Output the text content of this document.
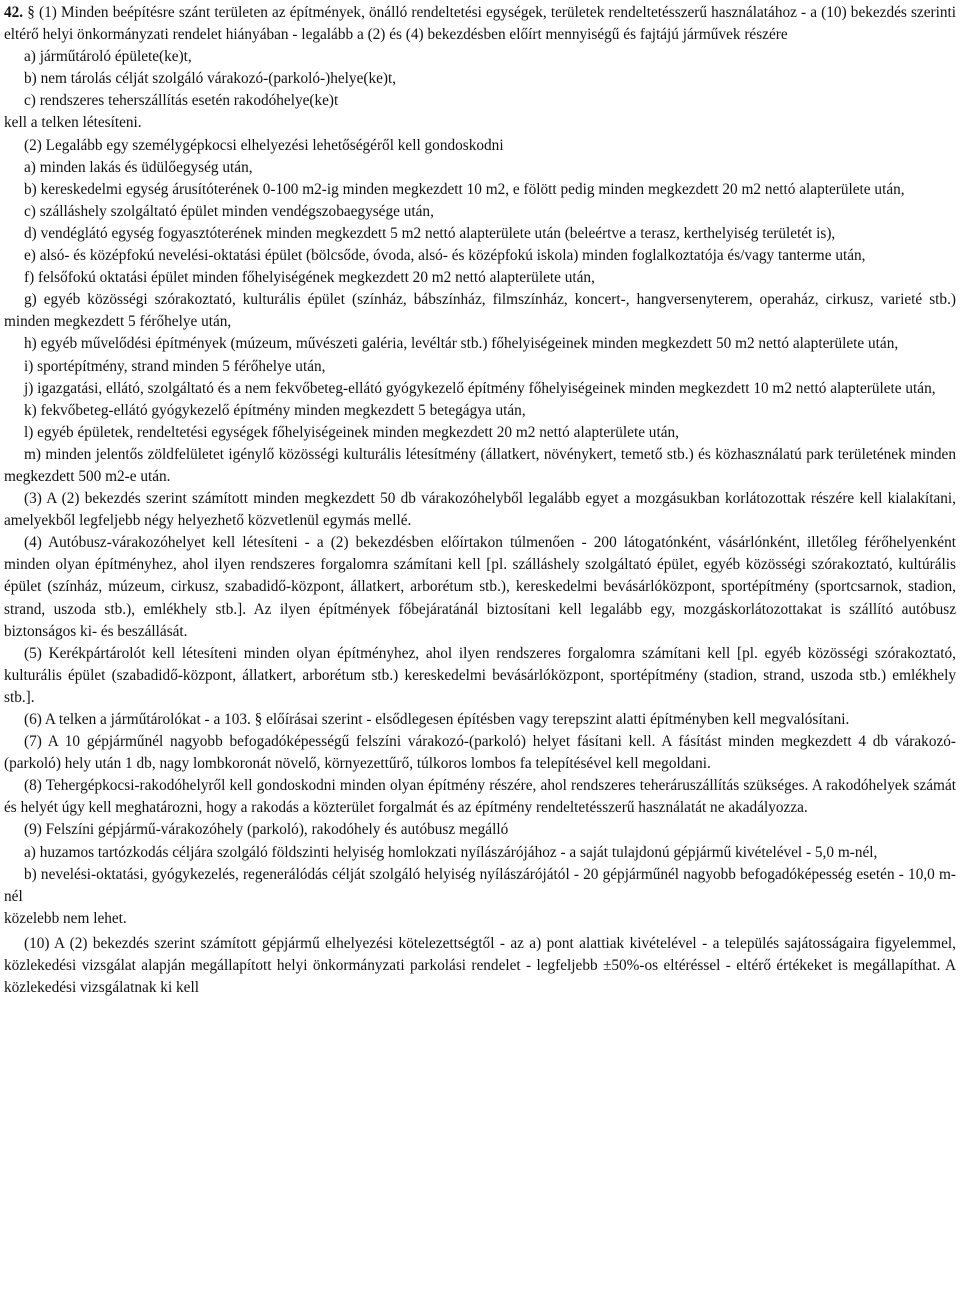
42. § (1) Minden beépítésre szánt területen az építmények, önálló rendeltetési egységek, területek rendeltetésszerű használatához - a (10) bekezdés szerinti eltérő helyi önkormányzati rendelet hiányában - legalább a (2) és (4) bekezdésben előírt mennyiségű és fajtájú járművek részére

a) járműtároló épülete(ke)t,

b) nem tárolás célját szolgáló várakozó-(parkoló-)helye(ke)t,

c) rendszeres teherszállítás esetén rakodóhelye(ke)t

kell a telken létesíteni.

(2) Legalább egy személygépkocsi elhelyezési lehetőségéről kell gondoskodni

a) minden lakás és üdülőegység után,

b) kereskedelmi egység árusítóterének 0-100 m2-ig minden megkezdett 10 m2, e fölött pedig minden megkezdett 20 m2 nettó alapterülete után,

c) szálláshely szolgáltató épület minden vendégszobaegysége után,

d) vendéglátó egység fogyasztóterének minden megkezdett 5 m2 nettó alapterülete után (beleértve a terasz, kerthelyiség területét is),

e) alsó- és középfokú nevelési-oktatási épület (bölcsőde, óvoda, alsó- és középfokú iskola) minden foglalkoztatója és/vagy tanterme után,

f) felsőfokú oktatási épület minden főhelyiségének megkezdett 20 m2 nettó alapterülete után,

g) egyéb közösségi szórakoztató, kulturális épület (színház, bábszínház, filmszínház, koncert-, hangversenyterem, operaház, cirkusz, varieté stb.) minden megkezdett 5 férőhelye után,

h) egyéb művelődési építmények (múzeum, művészeti galéria, levéltár stb.) főhelyiségeinek minden megkezdett 50 m2 nettó alapterülete után,

i) sportépítmény, strand minden 5 férőhelye után,

j) igazgatási, ellátó, szolgáltató és a nem fekvőbeteg-ellátó gyógykezelő építmény főhelyiségeinek minden megkezdett 10 m2 nettó alapterülete után,

k) fekvőbeteg-ellátó gyógykezelő építmény minden megkezdett 5 betegágya után,

l) egyéb épületek, rendeltetési egységek főhelyiségeinek minden megkezdett 20 m2 nettó alapterülete után,

m) minden jelentős zöldfelületet igénylő közösségi kulturális létesítmény (állatkert, növénykert, temető stb.) és közhasználatú park területének minden megkezdett 500 m2-e után.

(3) A (2) bekezdés szerint számított minden megkezdett 50 db várakozóhelyből legalább egyet a mozgásukban korlátozottak részére kell kialakítani, amelyekből legfeljebb négy helyezhető közvetlenül egymás mellé.

(4) Autóbusz-várakozóhelyet kell létesíteni - a (2) bekezdésben előírtakon túlmenően - 200 látogatónként, vásárlónként, illetőleg férőhelyenként minden olyan építményhez, ahol ilyen rendszeres forgalomra számítani kell [pl. szálláshely szolgáltató épület, egyéb közösségi szórakoztató, kultúrális épület (színház, múzeum, cirkusz, szabadidő-központ, állatkert, arborétum stb.), kereskedelmi bevásárlóközpont, sportépítmény (sportcsarnok, stadion, strand, uszoda stb.), emlékhely stb.]. Az ilyen építmények főbejáratánál biztosítani kell legalább egy, mozgáskorlátozottakat is szállító autóbusz biztonságos ki- és beszállását.

(5) Kerékpártárolót kell létesíteni minden olyan építményhez, ahol ilyen rendszeres forgalomra számítani kell [pl. egyéb közösségi szórakoztató, kulturális épület (szabadidő-központ, állatkert, arborétum stb.) kereskedelmi bevásárlóközpont, sportépítmény (stadion, strand, uszoda stb.) emlékhely stb.].

(6) A telken a járműtárolókat - a 103. § előírásai szerint - elsődlegesen építésben vagy terepszint alatti építményben kell megvalósítani.

(7) A 10 gépjárműnél nagyobb befogadóképességű felszíni várakozó-(parkoló) helyet fásítani kell. A fásítást minden megkezdett 4 db várakozó-(parkoló) hely után 1 db, nagy lombkoronát növelő, környezettűrő, túlkoros lombos fa telepítésével kell megoldani.

(8) Tehergépkocsi-rakodóhelyről kell gondoskodni minden olyan építmény részére, ahol rendszeres teheráruszállítás szükséges. A rakodóhelyek számát és helyét úgy kell meghatározni, hogy a rakodás a közterület forgalmát és az építmény rendeltetésszerű használatát ne akadályozza.

(9) Felszíni gépjármű-várakozóhely (parkoló), rakodóhely és autóbusz megálló

a) huzamos tartózkodás céljára szolgáló földszinti helyiség homlokzati nyílászárójához - a saját tulajdonú gépjármű kivételével - 5,0 m-nél,

b) nevelési-oktatási, gyógykezelés, regenerálódás célját szolgáló helyiség nyílászárójától - 20 gépjárműnél nagyobb befogadóképesség esetén - 10,0 m-nél

közelebb nem lehet.

(10) A (2) bekezdés szerint számított gépjármű elhelyezési kötelezettségtől - az a) pont alattiak kivételével - a település sajátosságaira figyelemmel, közlekedési vizsgálat alapján megállapított helyi önkormányzati parkolási rendelet - legfeljebb ±50%-os eltéréssel - eltérő értékeket is megállapíthat. A közlekedési vizsgálatnak ki kell
